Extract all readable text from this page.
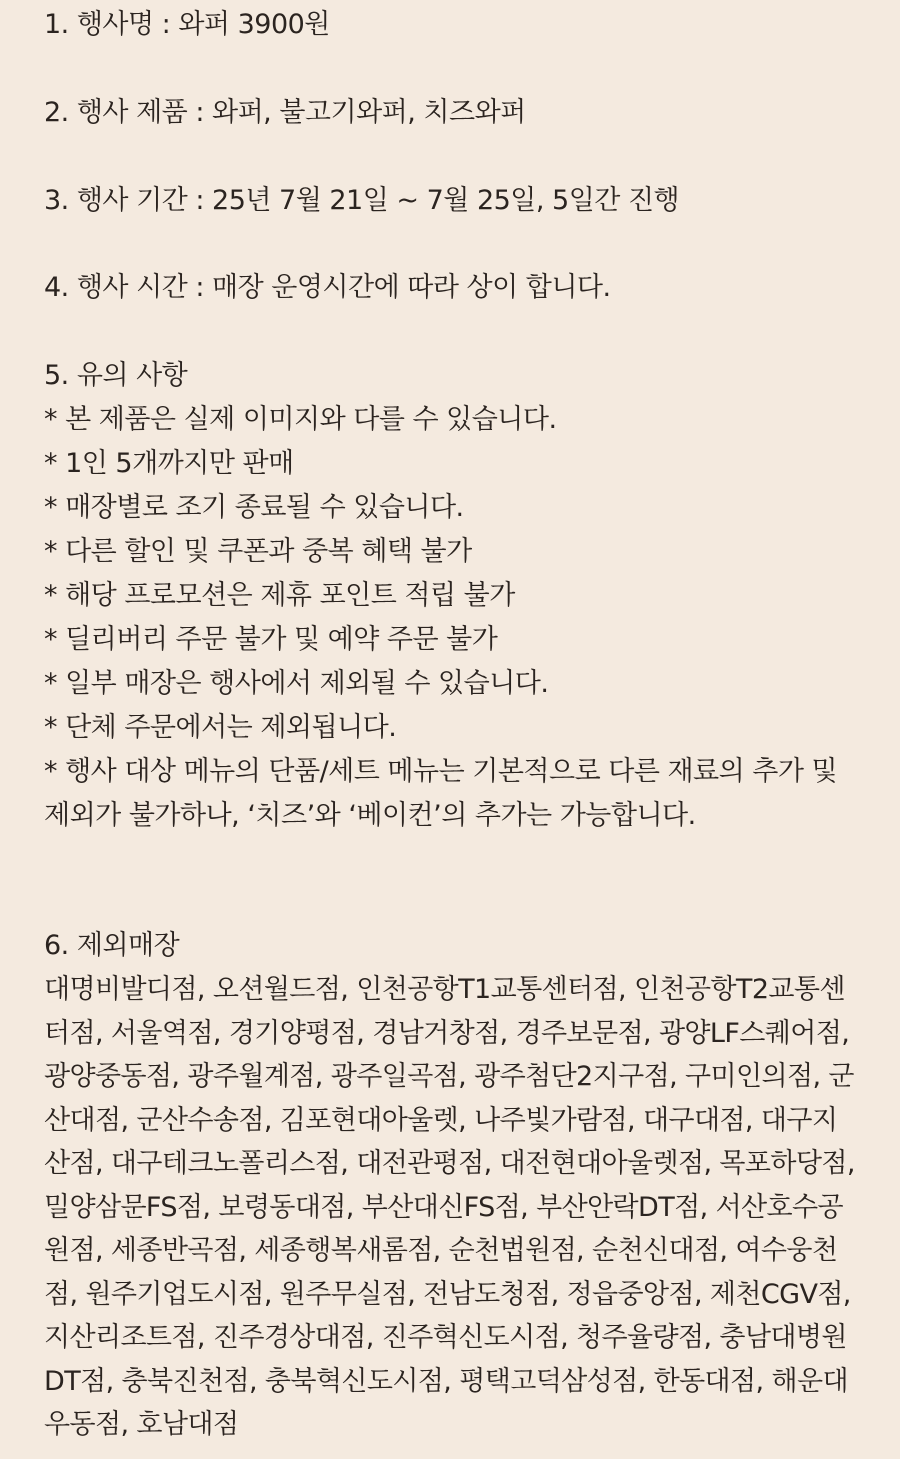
1. 행사명 : 와퍼 3900원
2. 행사 제품 : 와퍼, 불고기와퍼, 치즈와퍼
3. 행사 기간 : 25년 7월 21일 ~ 7월 25일, 5일간 진행
4. 행사 시간 : 매장 운영시간에 따라 상이 합니다.
5. 유의 사항
* 본 제품은 실제 이미지와 다를 수 있습니다.
* 1인 5개까지만 판매
* 매장별로 조기 종료될 수 있습니다.
* 다른 할인 및 쿠폰과 중복 혜택 불가
* 해당 프로모션은 제휴 포인트 적립 불가
* 딜리버리 주문 불가 및 예약 주문 불가
* 일부 매장은 행사에서 제외될 수 있습니다.
* 단체 주문에서는 제외됩니다.
* 행사 대상 메뉴의 단품/세트 메뉴는 기본적으로 다른 재료의 추가 및 제외가 불가하나, ‘치즈’와 ‘베이컨’의 추가는 가능합니다.
6. 제외매장
대명비발디점, 오션월드점, 인천공항T1교통센터점, 인천공항T2교통센터점, 서울역점, 경기양평점, 경남거창점, 경주보문점, 광양LF스퀘어점, 광양중동점, 광주월계점, 광주일곡점, 광주첨단2지구점, 구미인의점, 군산대점, 군산수송점, 김포현대아울렛, 나주빛가람점, 대구대점, 대구지산점, 대구테크노폴리스점, 대전관평점, 대전현대아울렛점, 목포하당점, 밀양삼문FS점, 보령동대점, 부산대신FS점, 부산안락DT점, 서산호수공원점, 세종반곡점, 세종행복새롬점, 순천법원점, 순천신대점, 여수웅천점, 원주기업도시점, 원주무실점, 전남도청점, 정읍중앙점, 제천CGV점, 지산리조트점, 진주경상대점, 진주혁신도시점, 청주율량점, 충남대병원DT점, 충북진천점, 충북혁신도시점, 평택고덕삼성점, 한동대점, 해운대우동점, 호남대점
